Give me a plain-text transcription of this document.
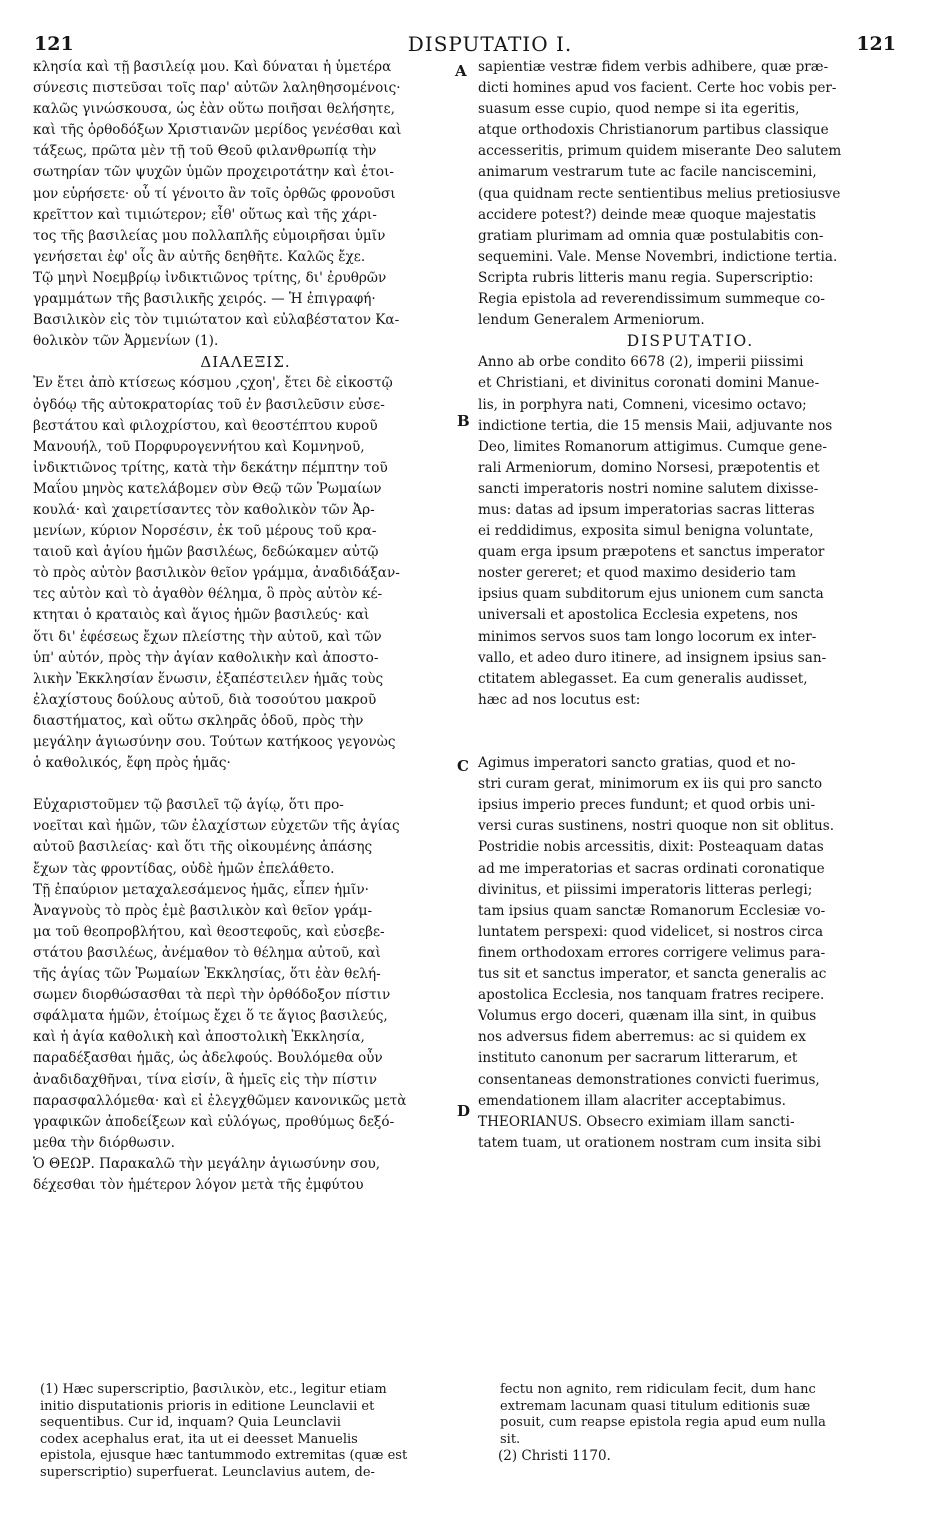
121	DISPUTATIO I.	121
A
B
C
D
κλησία καὶ τῇ βασιλείᾳ μου. Καὶ δύναται ἡ ὑμετέρα
σύνεσις πιστεῦσαι τοῖς παρ' αὐτῶν λαληθησομένοις·
καλῶς γινώσκουσα, ὡς ἐὰν οὕτω ποιῆσαι θελήσητε,
καὶ τῆς ὀρθοδόξων Χριστιανῶν μερίδος γενέσθαι καὶ
τάξεως, πρῶτα μὲν τῇ τοῦ Θεοῦ φιλανθρωπίᾳ τὴν
σωτηρίαν τῶν ψυχῶν ὑμῶν προχειροτάτην καὶ ἑτοι-
μον εὑρήσετε· οὗ τί γένοιτο ἂν τοῖς ὀρθῶς φρονοῦσι
κρεῖττον καὶ τιμιώτερον; εἶθ' οὕτως καὶ τῆς χάρι-
τος τῆς βασιλείας μου πολλαπλῆς εὐμοιρῆσαι ὑμῖν
γενήσεται ἐφ' οἷς ἂν αὐτῆς δεηθῆτε. Καλῶς ἔχε.
Τῷ μηνὶ Νοεμβρίῳ ἰνδικτιῶνος τρίτης, δι' ἐρυθρῶν
γραμμάτων τῆς βασιλικῆς χειρός. — Ἡ ἐπιγραφή·
Βασιλικὸν εἰς τὸν τιμιώτατον καὶ εὐλαβέστατον Κα-
θολικὸν τῶν Ἀρμενίων (1).
ΔΙΑΛΕΞΙΣ.
Ἐν ἔτει ἀπὸ κτίσεως κόσμου ,ςχοη', ἔτει δὲ εἰκοστῷ
ὀγδόῳ τῆς αὐτοκρατορίας τοῦ ἐν βασιλεῦσιν εὐσε-
βεστάτου καὶ φιλοχρίστου, καὶ θεοστέπτου κυροῦ
Μανουήλ, τοῦ Πορφυρογεννήτου καὶ Κομνηνοῦ,
ἰνδικτιῶνος τρίτης, κατὰ τὴν δεκάτην πέμπτην τοῦ
Μαΐου μηνὸς κατελάβομεν σὺν Θεῷ τῶν Ῥωμαίων
κουλά· καὶ χαιρετίσαντες τὸν καθολικὸν τῶν Ἀρ-
μενίων, κύριον Νορσέσιν, ἐκ τοῦ μέρους τοῦ κρα-
ταιοῦ καὶ ἁγίου ἡμῶν βασιλέως, δεδώκαμεν αὐτῷ
τὸ πρὸς αὐτὸν βασιλικὸν θεῖον γράμμα, ἀναδιδάξαν-
τες αὐτὸν καὶ τὸ ἀγαθὸν θέλημα, ὃ πρὸς αὐτὸν κέ-
κτηται ὁ κραταιὸς καὶ ἅγιος ἡμῶν βασιλεύς· καὶ
ὅτι δι' ἐφέσεως ἔχων πλείστης τὴν αὐτοῦ, καὶ τῶν
ὑπ' αὐτόν, πρὸς τὴν ἁγίαν καθολικὴν καὶ ἀποστο-
λικὴν Ἐκκλησίαν ἕνωσιν, ἐξαπέστειλεν ἡμᾶς τοὺς
ἐλαχίστους δούλους αὐτοῦ, διὰ τοσούτου μακροῦ
διαστήματος, καὶ οὕτω σκληρᾶς ὁδοῦ, πρὸς τὴν
μεγάλην ἁγιωσύνην σου. Τούτων κατήκοος γεγονὼς
ὁ καθολικός, ἔφη πρὸς ἡμᾶς·

Εὐχαριστοῦμεν τῷ βασιλεῖ τῷ ἁγίῳ, ὅτι προ-
νοεῖται καὶ ἡμῶν, τῶν ἐλαχίστων εὐχετῶν τῆς ἁγίας
αὐτοῦ βασιλείας· καὶ ὅτι τῆς οἰκουμένης ἁπάσης
ἔχων τὰς φροντίδας, οὐδὲ ἡμῶν ἐπελάθετο.
Τῇ ἐπαύριον μεταχαλεσάμενος ἡμᾶς, εἶπεν ἡμῖν·
Ἀναγνοὺς τὸ πρὸς ἐμὲ βασιλικὸν καὶ θεῖον γράμ-
μα τοῦ θεοπροβλήτου, καὶ θεοστεφοῦς, καὶ εὐσεβε-
στάτου βασιλέως, ἀνέμαθον τὸ θέλημα αὐτοῦ, καὶ
τῆς ἁγίας τῶν Ῥωμαίων Ἐκκλησίας, ὅτι ἐὰν θελή-
σωμεν διορθώσασθαι τὰ περὶ τὴν ὀρθόδοξον πίστιν
σφάλματα ἡμῶν, ἑτοίμως ἔχει ὅ τε ἅγιος βασιλεύς,
καὶ ἡ ἁγία καθολικὴ καὶ ἀποστολικὴ Ἐκκλησία,
παραδέξασθαι ἡμᾶς, ὡς ἀδελφούς. Βουλόμεθα οὖν
ἀναδιδαχθῆναι, τίνα εἰσίν, ἃ ἡμεῖς εἰς τὴν πίστιν
παρασφαλλόμεθα· καὶ εἰ ἐλεγχθῶμεν κανονικῶς μετὰ
γραφικῶν ἀποδείξεων καὶ εὐλόγως, προθύμως δεξό-
μεθα τὴν διόρθωσιν.
Ὁ ΘΕΩΡ. Παρακαλῶ τὴν μεγάλην ἁγιωσύνην σου,
δέχεσθαι τὸν ἡμέτερον λόγον μετὰ τῆς ἐμφύτου
sapientiæ vestræ fidem verbis adhibere, quæ præ-
dicti homines apud vos facient. Certe hoc vobis per-
suasum esse cupio, quod nempe si ita egeritis,
atque orthodoxis Christianorum partibus classique
accesseritis, primum quidem miserante Deo salutem
animarum vestrarum tute ac facile nanciscemini,
(qua quidnam recte sentientibus melius pretiosiusve
accidere potest?) deinde meæ quoque majestatis
gratiam plurimam ad omnia quæ postulabitis con-
sequemini. Vale. Mense Novembri, indictione tertia.
Scripta rubris litteris manu regia. Superscriptio:
Regia epistola ad reverendissimum summeque co-
lendum Generalem Armeniorum.
DISPUTATIO.
Anno ab orbe condito 6678 (2), imperii piissimi
et Christiani, et divinitus coronati domini Manue-
lis, in porphyra nati, Comneni, vicesimo octavo;
indictione tertia, die 15 mensis Maii, adjuvante nos
Deo, limites Romanorum attigimus. Cumque gene-
rali Armeniorum, domino Norsesi, præpotentis et
sancti imperatoris nostri nomine salutem dixisse-
mus: datas ad ipsum imperatorias sacras litteras
ei reddidimus, exposita simul benigna voluntate,
quam erga ipsum præpotens et sanctus imperator
noster gereret; et quod maximo desiderio tam
ipsius quam subditorum ejus unionem cum sancta
universali et apostolica Ecclesia expetens, nos
minimos servos suos tam longo locorum ex inter-
vallo, et adeo duro itinere, ad insignem ipsius san-
ctitatem ablegasset. Ea cum generalis audisset,
hæc ad nos locutus est:

Agimus imperatori sancto gratias, quod et no-
stri curam gerat, minimorum ex iis qui pro sancto
ipsius imperio preces fundunt; et quod orbis uni-
versi curas sustinens, nostri quoque non sit oblitus.
Postridie nobis arcessitis, dixit: Posteaquam datas
ad me imperatorias et sacras ordinati coronatique
divinitus, et piissimi imperatoris litteras perlegi;
tam ipsius quam sanctæ Romanorum Ecclesiæ vo-
luntatem perspexi: quod videlicet, si nostros circa
finem orthodoxam errores corrigere velimus para-
tus sit et sanctus imperator, et sancta generalis ac
apostolica Ecclesia, nos tanquam fratres recipere.
Volumus ergo doceri, quænam illa sint, in quibus
nos adversus fidem aberremus: ac si quidem ex
instituto canonum per sacrarum litterarum, et
consentaneas demonstrationes convicti fuerimus,
emendationem illam alacriter acceptabimus.
THEORIANUS. Obsecro eximiam illam sancti-
tatem tuam, ut orationem nostram cum insita sibi
(1) Hæc superscriptio, βασιλικὸν, etc., legitur etiam
initio disputationis prioris in editione Leunclavii et
sequentibus. Cur id, inquam? Quia Leunclavii
codex acephalus erat, ita ut ei deesset Manuelis
epistola, ejusque hæc tantummodo extremitas (quæ est
superscriptio) superfuerat. Leunclavius autem, de-
fectu non agnito, rem ridiculam fecit, dum hanc
extremam lacunam quasi titulum editionis suæ
posuit, cum reapse epistola regia apud eum nulla
sit.
(2) Christi 1170.
